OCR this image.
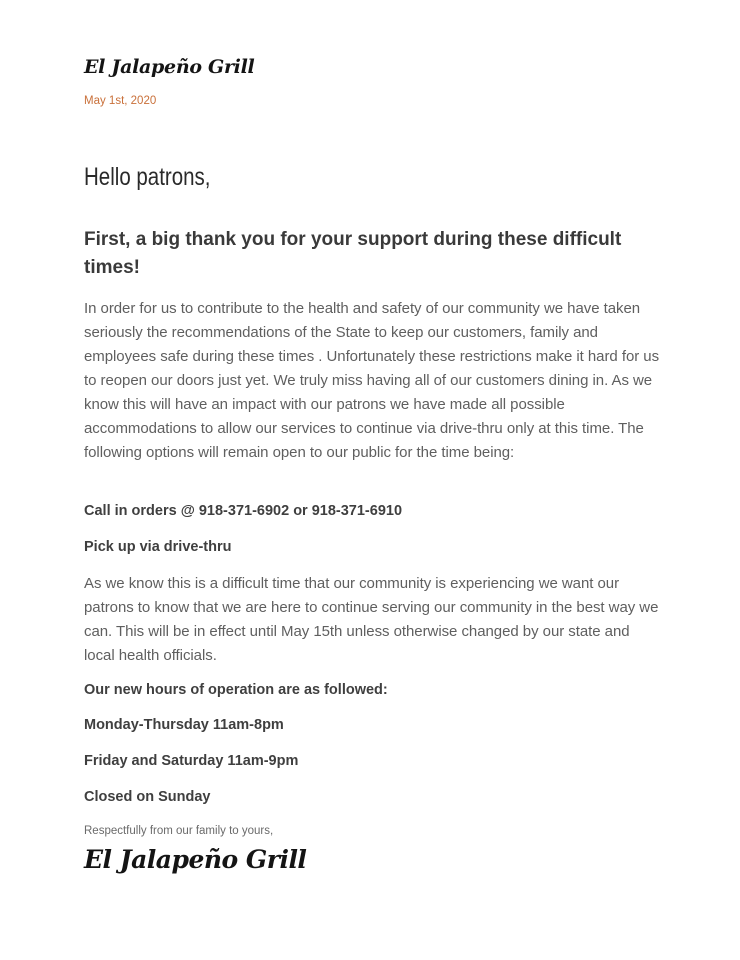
El Jalapeño Grill
May 1st, 2020
Hello patrons,
First, a big thank you for your support during these difficult times!
In order for us to contribute to the health and safety of our community we have taken seriously the recommendations of the State to keep our customers, family and employees safe during these times . Unfortunately these restrictions make it hard for us to reopen our doors just yet. We truly miss having all of our customers dining in. As we know this will have an impact with our patrons we have made all possible accommodations to allow our services to continue via drive-thru only at this time. The following options will remain open to our public for the time being:
Call in orders @ 918-371-6902 or 918-371-6910
Pick up via drive-thru
As we know this is a difficult time that our community is experiencing we want our patrons to know that we are here to continue serving our community in the best way we can. This will be in effect until May 15th unless otherwise changed by our state and local health officials.
Our new hours of operation are as followed:
Monday-Thursday 11am-8pm
Friday and Saturday 11am-9pm
Closed on Sunday
Respectfully from our family to yours,
El Jalapeño Grill
